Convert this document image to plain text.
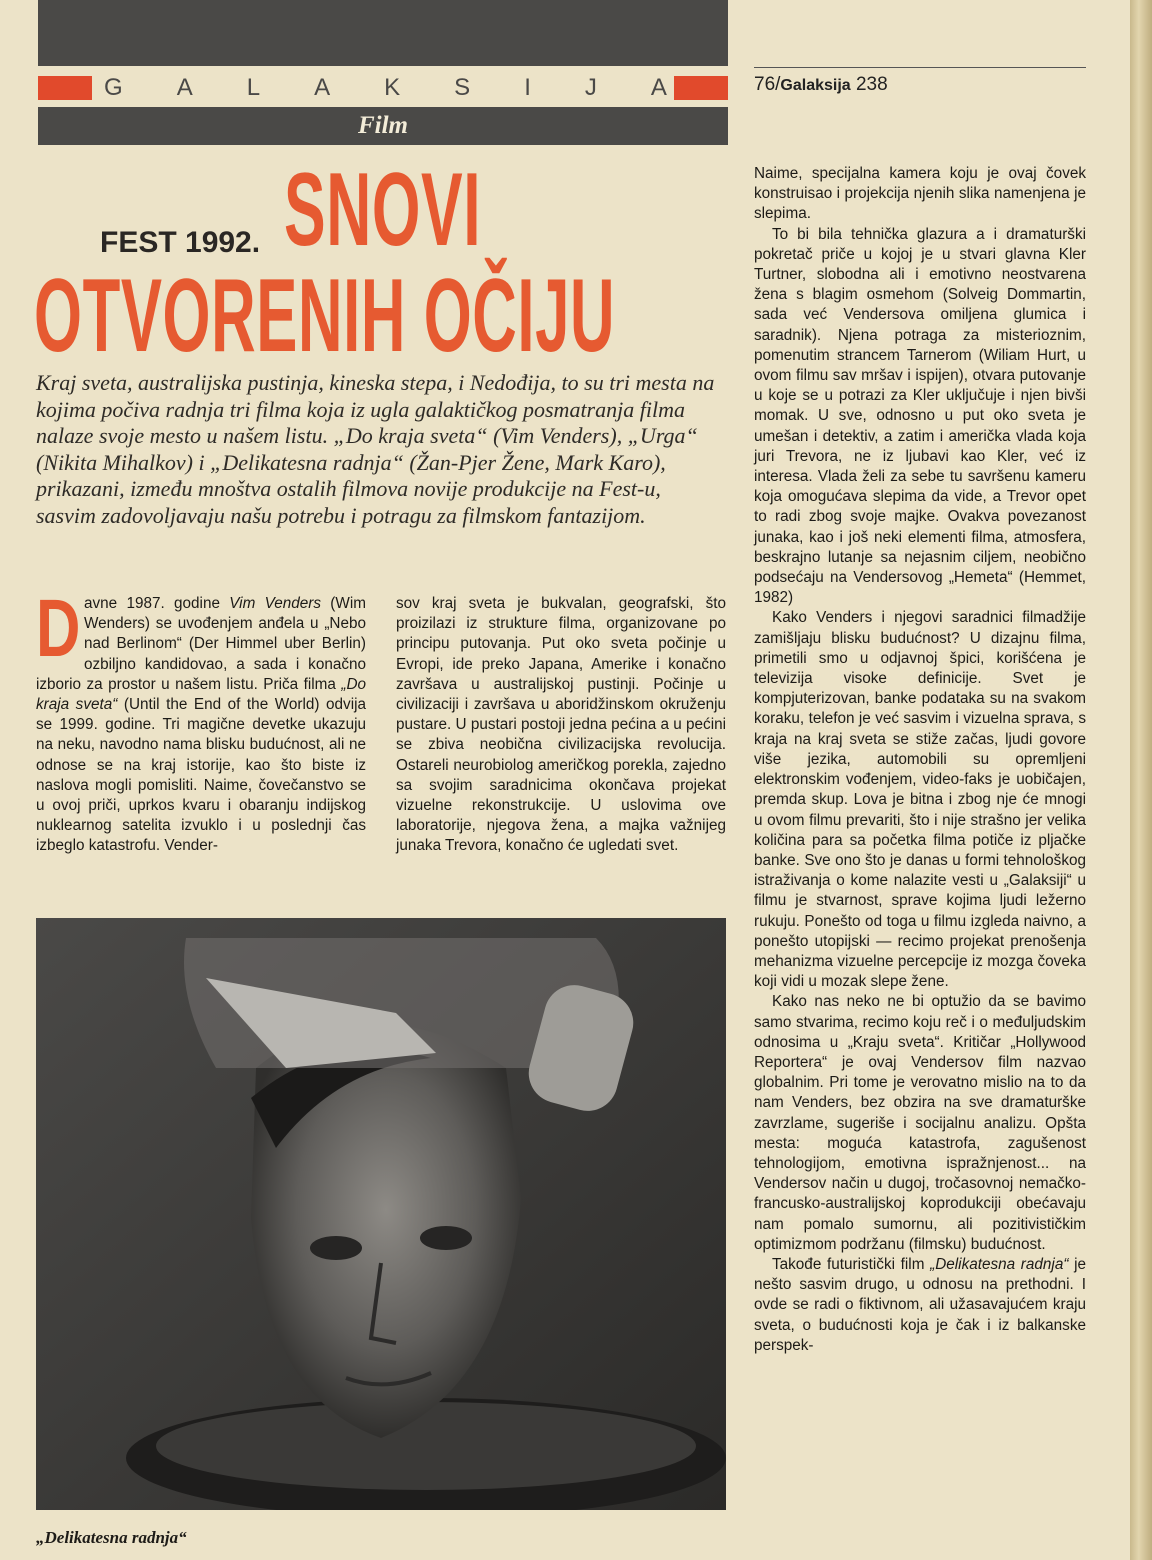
G A L A K S I J A	76/Galaksija 238
Film
FEST 1992. SNOVI
OTVORENIH OČIJU
Kraj sveta, australijska pustinja, kineska stepa, i Nedođija, to su tri mesta na kojima počiva radnja tri filma koja iz ugla galaktičkog posmatranja filma nalaze svoje mesto u našem listu. „Do kraja sveta“ (Vim Venders), „Urga“ (Nikita Mihalkov) i „Delikatesna radnja“ (Žan-Pjer Žene, Mark Karo), prikazani, između mnoštva ostalih filmova novije produkcije na Fest-u, sasvim zadovoljavaju našu potrebu i potragu za filmskom fantazijom.

Davne 1987. godine Vim Venders (Wim Wenders) se uvođenjem anđela u „Nebo nad Berlinom“ (Der Himmel uber Berlin) ozbiljno kandidovao, a sada i konačno izborio za prostor u našem listu. Priča filma „Do kraja sveta“ (Until the End of the World) odvija se 1999. godine. Tri magične devetke ukazuju na neku, navodno nama blisku budućnost, ali ne odnose se na kraj istorije, kao što biste iz naslova mogli pomisliti. Naime, čovečanstvo se u ovoj priči, uprkos kvaru i obaranju indijskog nuklearnog satelita izvuklo i u poslednji čas izbeglo katastrofu. Vender-

sov kraj sveta je bukvalan, geografski, što proizilazi iz strukture filma, organizovane po principu putovanja. Put oko sveta počinje u Evropi, ide preko Japana, Amerike i konačno završava u australijskoj pustinji. Počinje u civilizaciji i završava u aboridžinskom okruženju pustare. U pustari postoji jedna pećina a u pećini se zbiva neobična civilizacijska revolucija. Ostareli neurobiolog američkog porekla, zajedno sa svojim saradnicima okončava projekat vizuelne rekonstrukcije. U uslovima ove laboratorije, njegova žena, a majka važnijeg junaka Trevora, konačno će ugledati svet.

Naime, specijalna kamera koju je ovaj čovek konstruisao i projekcija njenih slika namenjena je slepima.

To bi bila tehnička glazura a i dramaturški pokretač priče u kojoj je u stvari glavna Kler Turtner, slobodna ali i emotivno neostvarena žena s blagim osmehom (Solveig Dommartin, sada već Vendersova omiljena glumica i saradnik). Njena potraga za misterioznim, pomenutim strancem Tarnerom (Wiliam Hurt, u ovom filmu sav mršav i ispijen), otvara putovanje u koje se u potrazi za Kler uključuje i njen bivši momak. U sve, odnosno u put oko sveta je umešan i detektiv, a zatim i američka vlada koja juri Trevora, ne iz ljubavi kao Kler, već iz interesa. Vlada želi za sebe tu savršenu kameru koja omogućava slepima da vide, a Trevor opet to radi zbog svoje majke. Ovakva povezanost junaka, kao i još neki elementi filma, atmosfera, beskrajno lutanje sa nejasnim ciljem, neobično podsećaju na Vendersovog „Hemeta“ (Hemmet, 1982)

Kako Venders i njegovi saradnici filmadžije zamišljaju blisku budućnost? U dizajnu filma, primetili smo u odjavnoj špici, korišćena je televizija visoke definicije. Svet je kompjuterizovan, banke podataka su na svakom koraku, telefon je već sasvim i vizuelna sprava, s kraja na kraj sveta se stiže začas, ljudi govore više jezika, automobili su opremljeni elektronskim vođenjem, video-faks je uobičajen, premda skup. Lova je bitna i zbog nje će mnogi u ovom filmu prevariti, što i nije strašno jer velika količina para sa početka filma potiče iz pljačke banke. Sve ono što je danas u formi tehnološkog istraživanja o kome nalazite vesti u „Galaksiji“ u filmu je stvarnost, sprave kojima ljudi ležerno rukuju. Ponešto od toga u filmu izgleda naivno, a ponešto utopijski — recimo projekat prenošenja mehanizma vizuelne percepcije iz mozga čoveka koji vidi u mozak slepe žene.

Kako nas neko ne bi optužio da se bavimo samo stvarima, recimo koju reč i o međuljudskim odnosima u „Kraju sveta“. Kritičar „Hollywood Reportera“ je ovaj Vendersov film nazvao globalnim. Pri tome je verovatno mislio na to da nam Venders, bez obzira na sve dramaturške zavrzlame, sugeriše i socijalnu analizu. Opšta mesta: moguća katastrofa, zagušenost tehnologijom, emotivna ispražnjenost... na Vendersov način u dugoj, tročasovnoj nemačko-francusko-australijskoj koprodukciji obećavaju nam pomalo sumornu, ali pozitivističkim optimizmom podržanu (filmsku) budućnost.

Takođe futuristički film „Delikatesna radnja“ je nešto sasvim drugo, u odnosu na prethodni. I ovde se radi o fiktivnom, ali užasavajućem kraju sveta, o budućnosti koja je čak i iz balkanske perspek-

„Delikatesna radnja“
